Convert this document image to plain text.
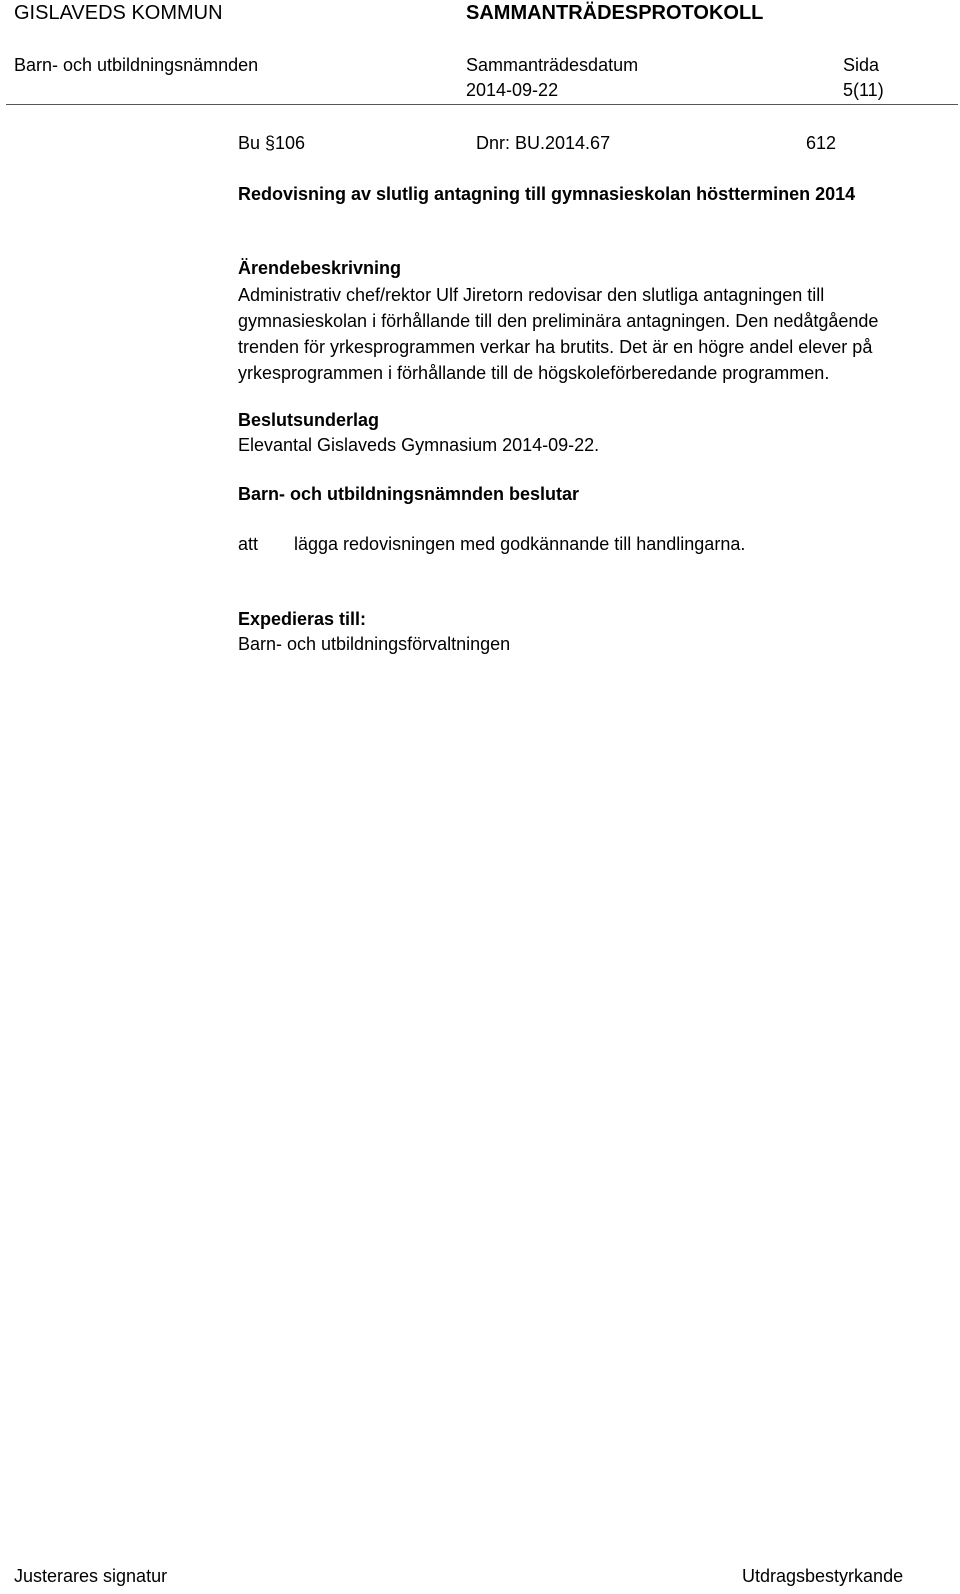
GISLAVEDS KOMMUN	SAMMANTRÄDESPROTOKOLL
Barn- och utbildningsnämnden	Sammanträdesdatum
2014-09-22
Sida
5(11)
Bu §106	Dnr: BU.2014.67	612
Redovisning av slutlig antagning till gymnasieskolan höstterminen 2014
Ärendebeskrivning
Administrativ chef/rektor Ulf Jiretorn redovisar den slutliga antagningen till gymnasieskolan i förhållande till den preliminära antagningen. Den nedåtgående trenden för yrkesprogrammen verkar ha brutits. Det är en högre andel elever på yrkesprogrammen i förhållande till de högskoleförberedande programmen.
Beslutsunderlag
Elevantal Gislaveds Gymnasium 2014-09-22.
Barn- och utbildningsnämnden beslutar
att lägga redovisningen med godkännande till handlingarna.
Expedieras till:
Barn- och utbildningsförvaltningen
Justerares signatur	Utdragsbestyrkande
